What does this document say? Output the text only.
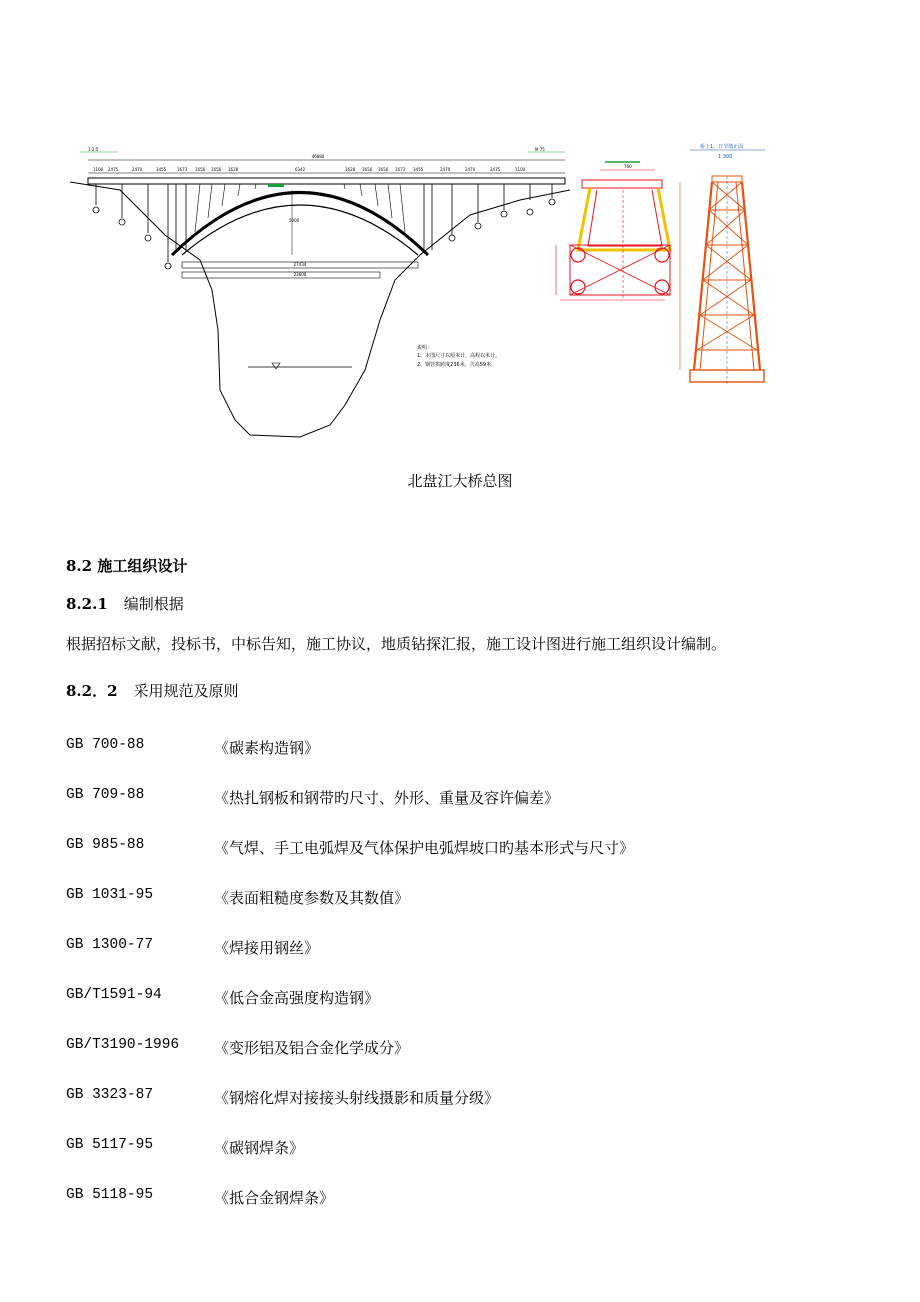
46880
1:2:5	M 75
1100 2475	2470	3455	1673 1656 1656 1628	6342	1628 1656 1656 1673 3455	2470	2470	2475	1100
5000
27434
23600
说明：
1、本图尺寸以厘米计，高程以米计。
2、钢管拱跨度236米，矢高59米。
760
桥上1、日节墩正面
1:300
北盘江大桥总图
8.2 施工组织设计
8.2.1 编制根据
根据招标文献，投标书，中标告知，施工协议，地质钻探汇报，施工设计图进行施工组织设计编制。
8.2．2 采用规范及原则
GB 700-88	《碳素构造钢》
GB 709-88	《热扎钢板和钢带旳尺寸、外形、重量及容许偏差》
GB 985-88	《气焊、手工电弧焊及气体保护电弧焊坡口旳基本形式与尺寸》
GB 1031-95	《表面粗糙度参数及其数值》
GB 1300-77	《焊接用钢丝》
GB/T1591-94	《低合金高强度构造钢》
GB/T3190-1996 《变形铝及铝合金化学成分》
GB 3323-87	《钢熔化焊对接接头射线摄影和质量分级》
GB 5117-95	《碳钢焊条》
GB 5118-95	《抵合金钢焊条》
